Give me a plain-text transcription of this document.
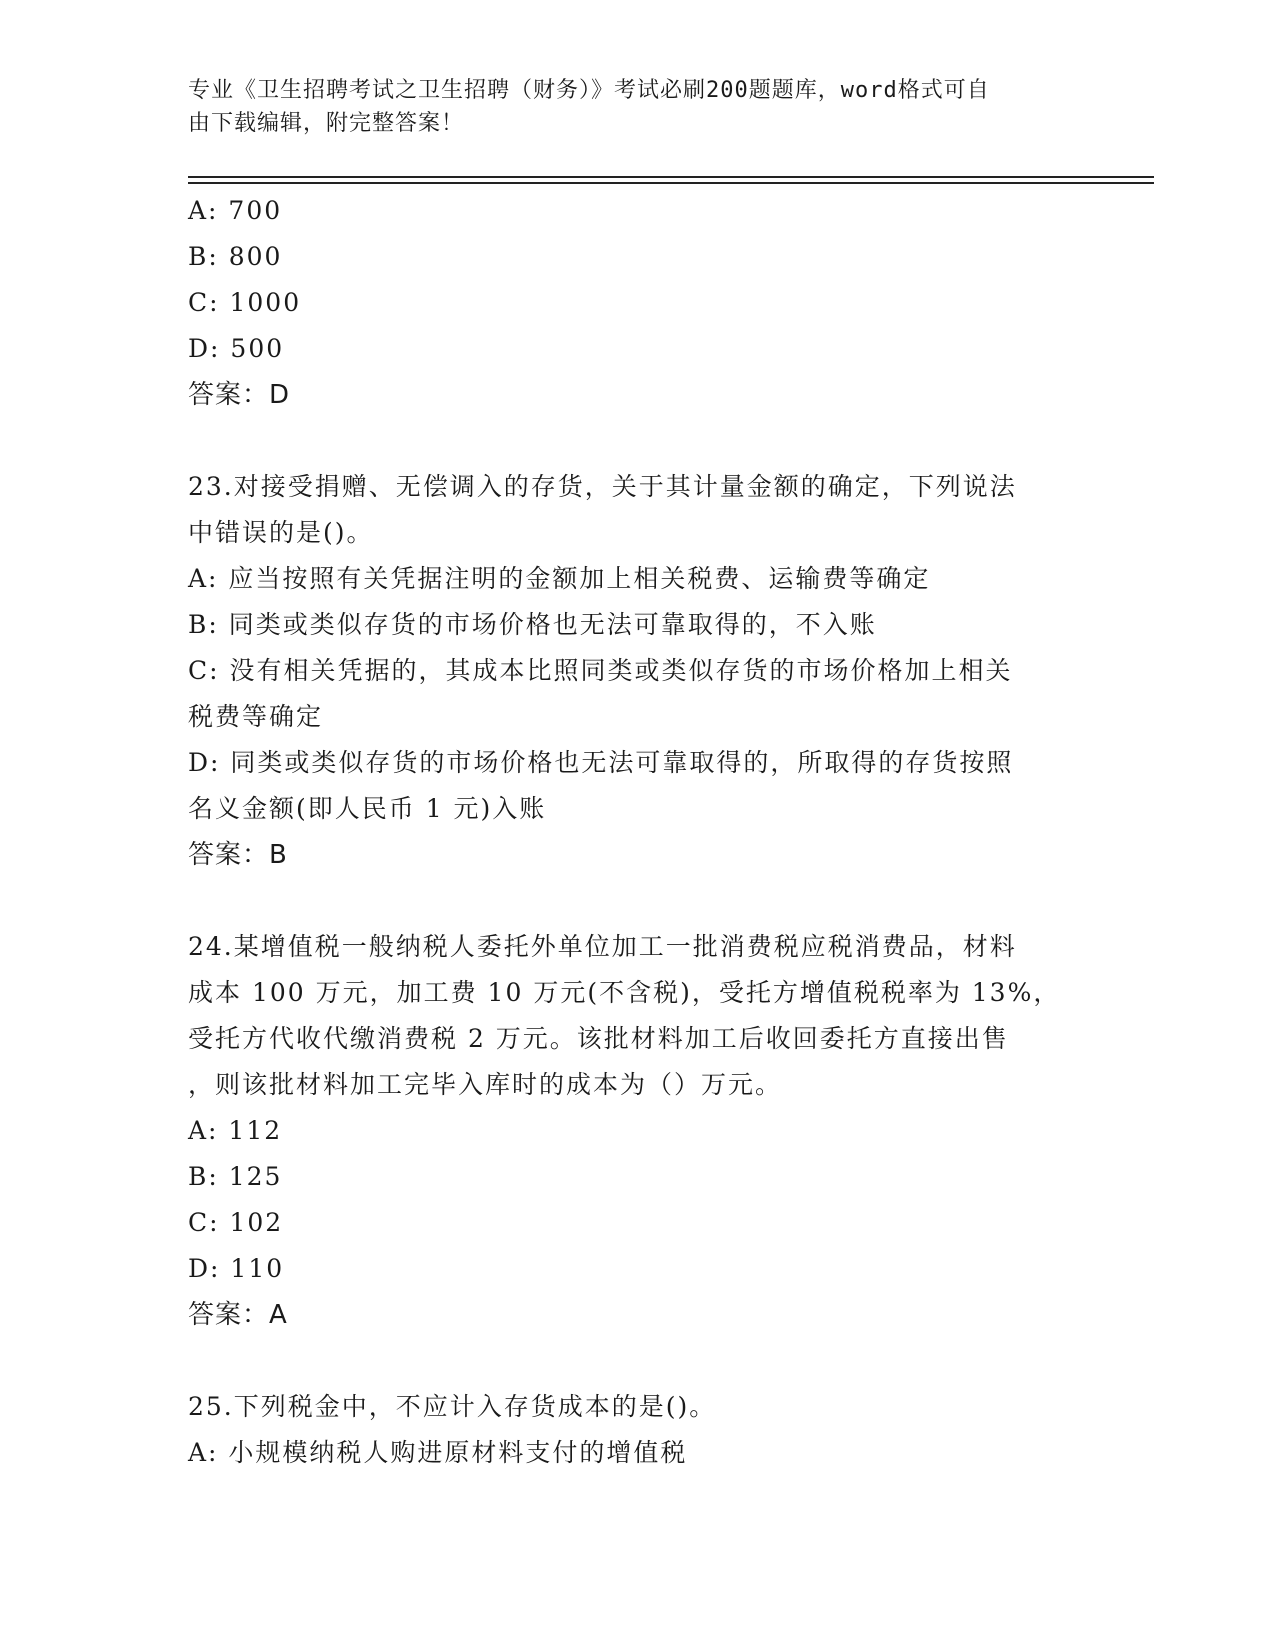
专业《卫生招聘考试之卫生招聘（财务）》考试必刷200题题库，word格式可自
由下载编辑，附完整答案！
A: 700
B: 800
C: 1000
D: 500
答案：D
23.对接受捐赠、无偿调入的存货，关于其计量金额的确定，下列说法
中错误的是()。
A: 应当按照有关凭据注明的金额加上相关税费、运输费等确定
B: 同类或类似存货的市场价格也无法可靠取得的，不入账
C: 没有相关凭据的，其成本比照同类或类似存货的市场价格加上相关
税费等确定
D: 同类或类似存货的市场价格也无法可靠取得的，所取得的存货按照
名义金额(即人民币 1 元)入账
答案：B
24.某增值税一般纳税人委托外单位加工一批消费税应税消费品，材料
成本 100 万元，加工费 10 万元(不含税)，受托方增值税税率为 13%，
受托方代收代缴消费税 2 万元。该批材料加工后收回委托方直接出售
，则该批材料加工完毕入库时的成本为（）万元。
A: 112
B: 125
C: 102
D: 110
答案：A
25.下列税金中，不应计入存货成本的是()。
A: 小规模纳税人购进原材料支付的增值税
